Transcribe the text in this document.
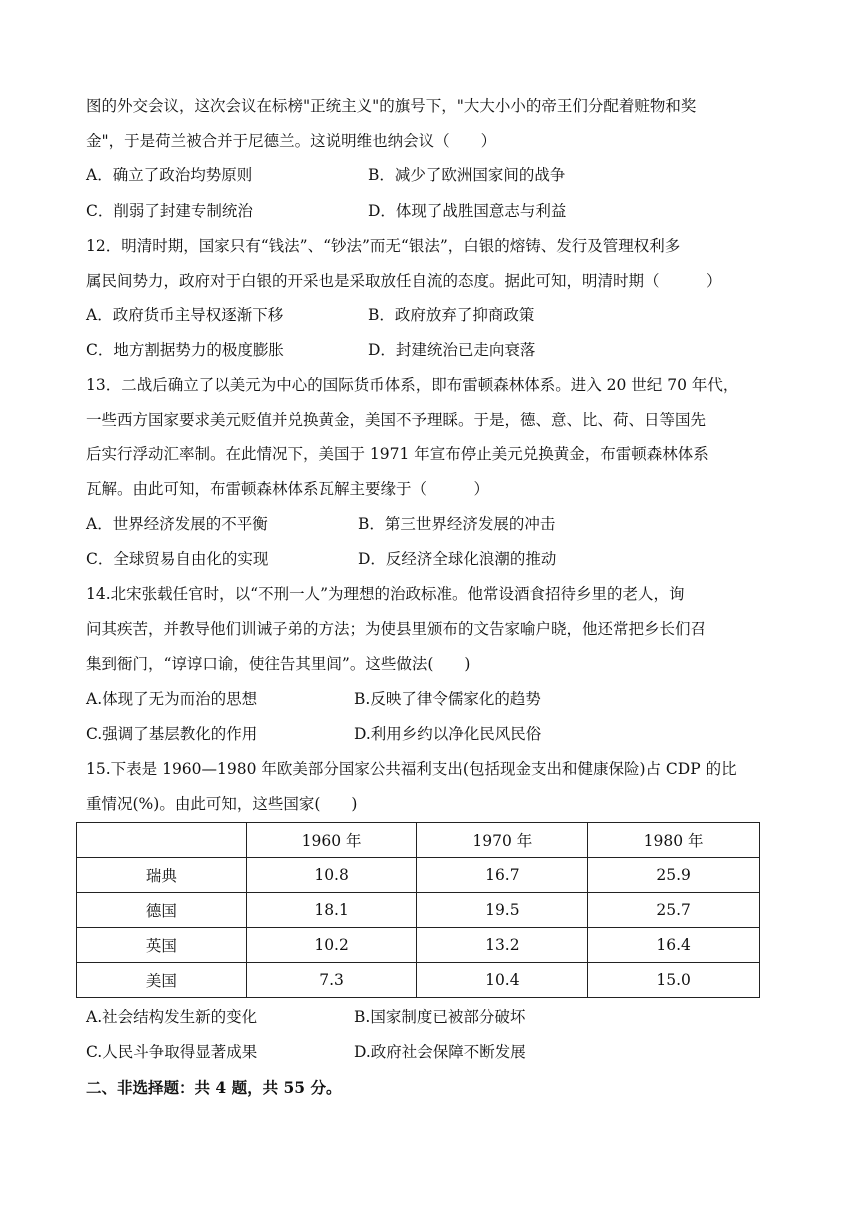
图的外交会议，这次会议在标榜"正统主义"的旗号下，"大大小小的帝王们分配着赃物和奖
金"，于是荷兰被合并于尼德兰。这说明维也纳会议（　　）
A．确立了政治均势原则	B．减少了欧洲国家间的战争
C．削弱了封建专制统治	D．体现了战胜国意志与利益
12．明清时期，国家只有“钱法”、“钞法”而无“银法”，白银的熔铸、发行及管理权利多
属民间势力，政府对于白银的开采也是采取放任自流的态度。据此可知，明清时期（　　　）
A．政府货币主导权逐渐下移	B．政府放弃了抑商政策
C．地方割据势力的极度膨胀	D．封建统治已走向衰落
13．二战后确立了以美元为中心的国际货币体系，即布雷顿森林体系。进入 20 世纪 70 年代，
一些西方国家要求美元贬值并兑换黄金，美国不予理睬。于是，德、意、比、荷、日等国先
后实行浮动汇率制。在此情况下，美国于 1971 年宣布停止美元兑换黄金，布雷顿森林体系
瓦解。由此可知，布雷顿森林体系瓦解主要缘于（　　　）
A．世界经济发展的不平衡	B．第三世界经济发展的冲击
C．全球贸易自由化的实现	D．反经济全球化浪潮的推动
14.北宋张载任官时，以“不刑一人”为理想的治政标准。他常设酒食招待乡里的老人，询
问其疾苦，并教导他们训诫子弟的方法；为使县里颁布的文告家喻户晓，他还常把乡长们召
集到衙门，“谆谆口谕，使往告其里闾”。这些做法(　　)
A.体现了无为而治的思想	B.反映了律令儒家化的趋势
C.强调了基层教化的作用	D.利用乡约以净化民风民俗
15.下表是 1960—1980 年欧美部分国家公共福利支出(包括现金支出和健康保险)占 CDP 的比
重情况(%)。由此可知，这些国家(　　)
	1960 年	1970 年	1980 年
瑞典	10.8	16.7	25.9
德国	18.1	19.5	25.7
英国	10.2	13.2	16.4
美国	7.3	10.4	15.0
A.社会结构发生新的变化	B.国家制度已被部分破坏
C.人民斗争取得显著成果	D.政府社会保障不断发展
二、非选择题：共 4 题，共 55 分。
